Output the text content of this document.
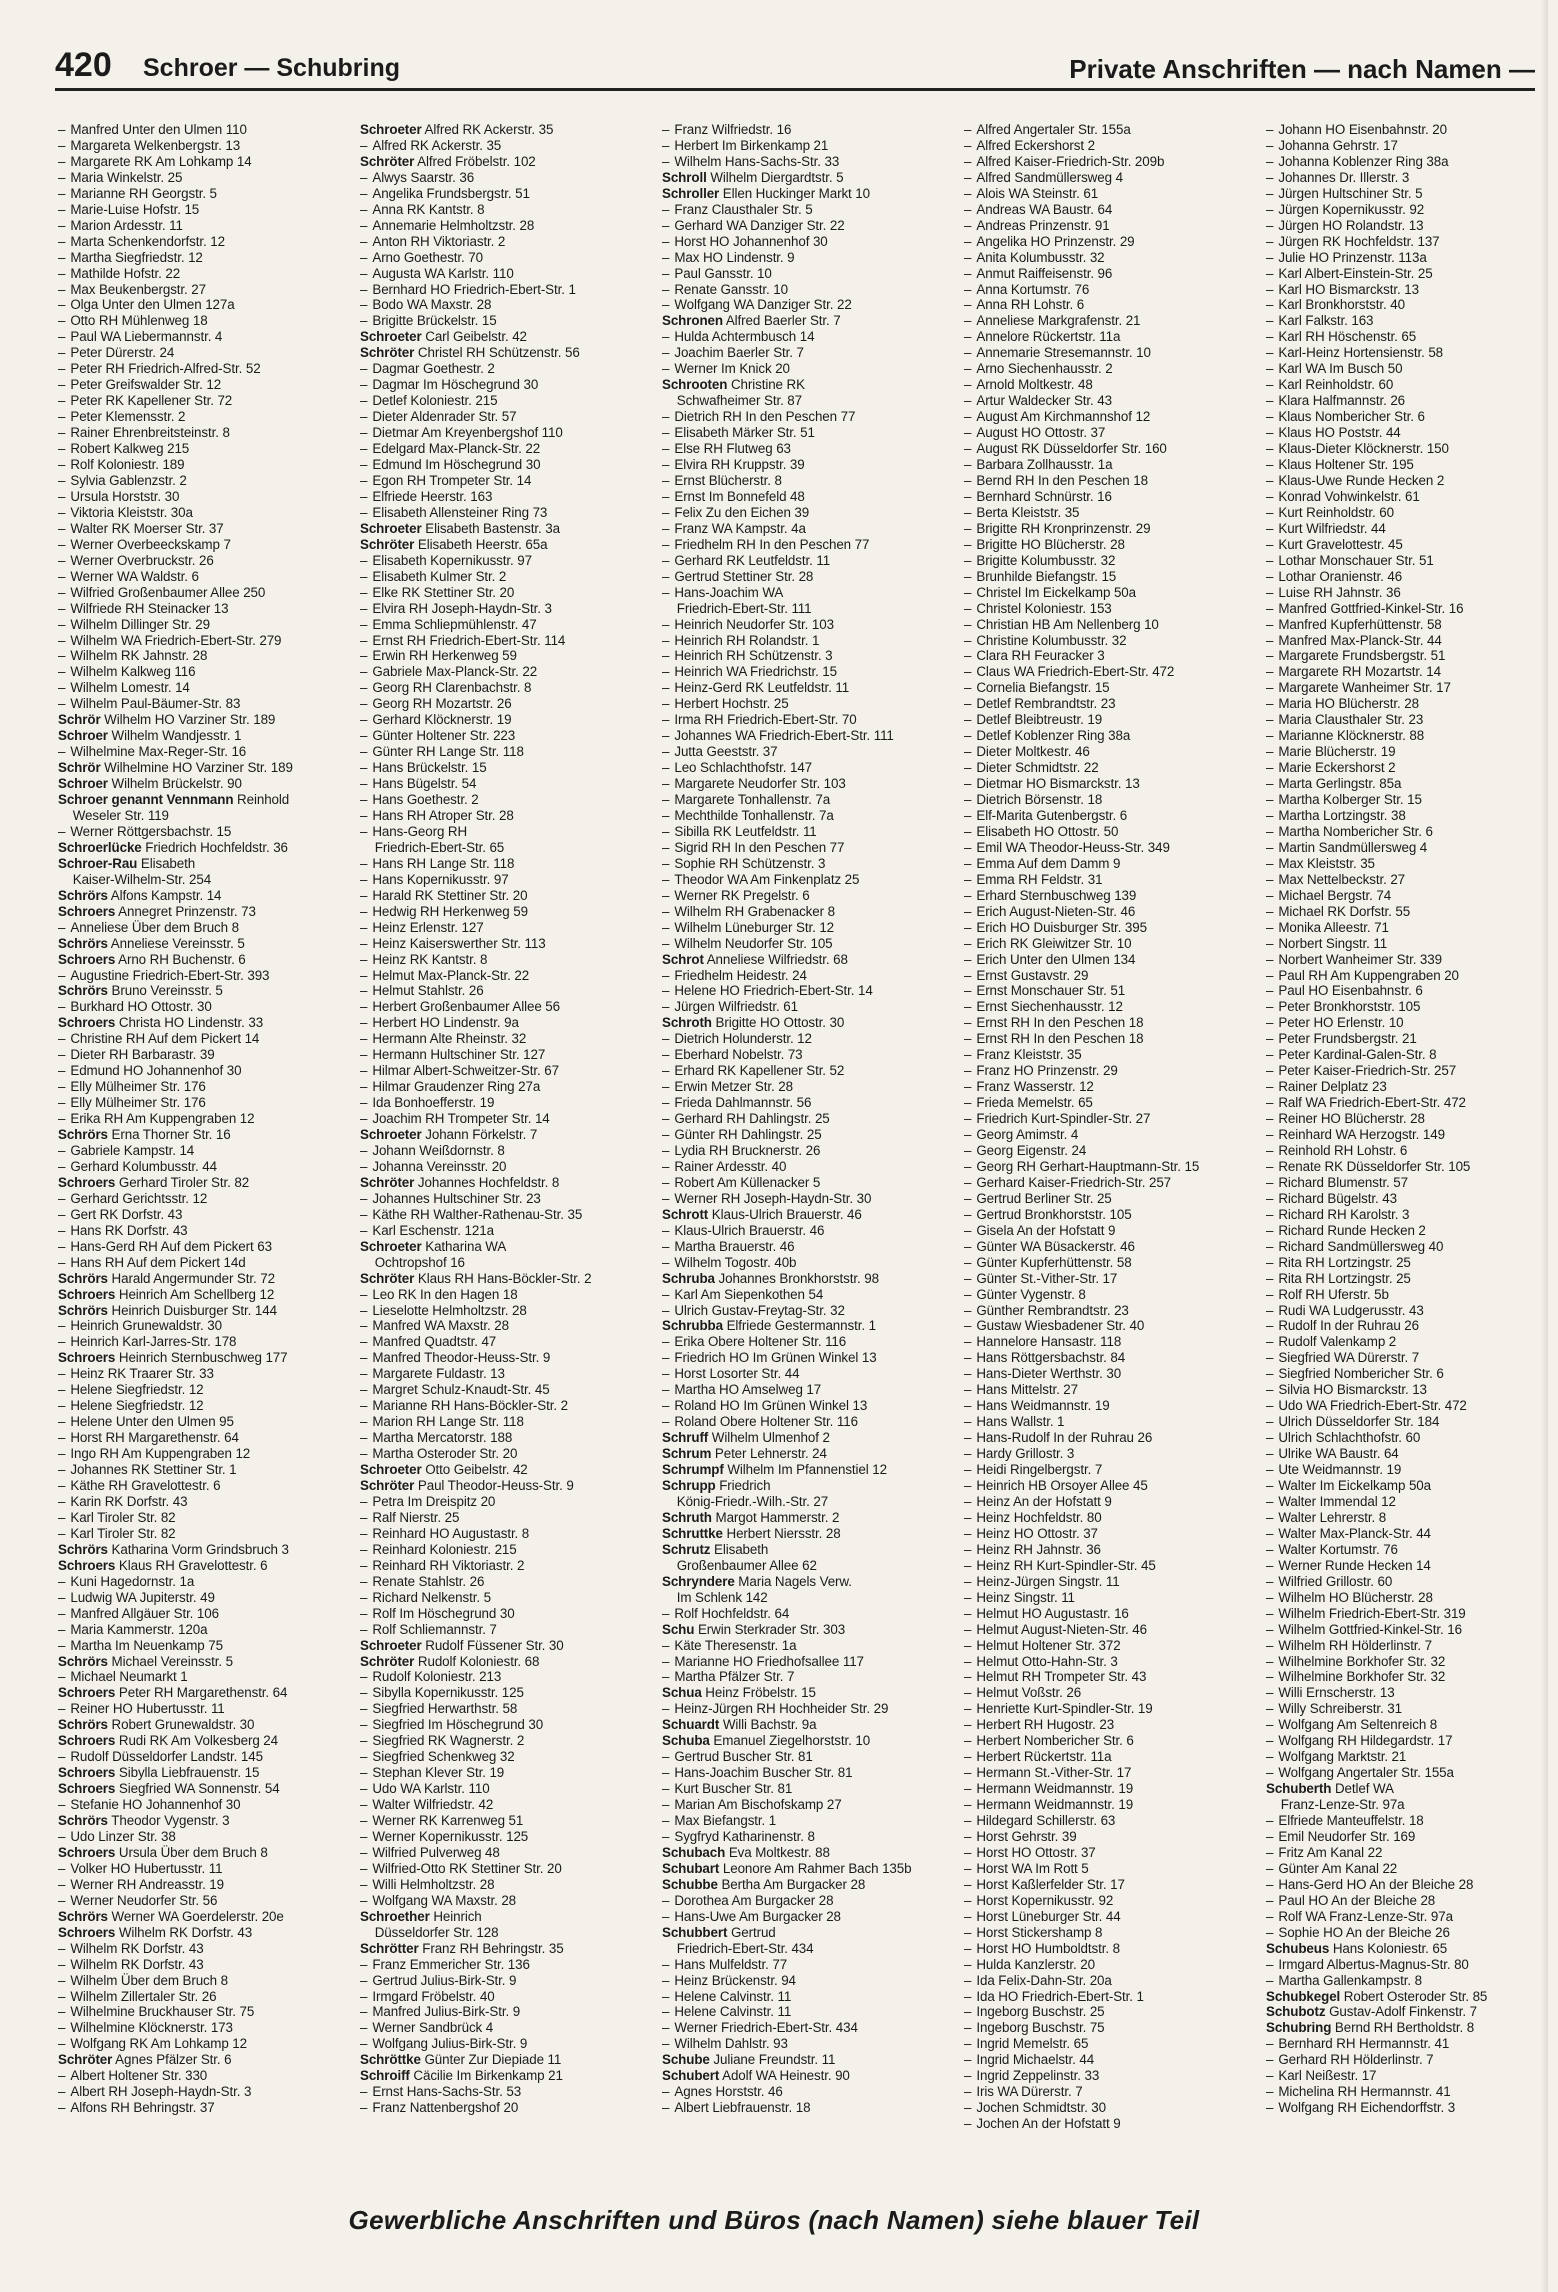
420 Schroer — Schubring	Private Anschriften — nach Namen —
– Manfred Unter den Ulmen 110
– Margareta Welkenbergstr. 13
– Margarete RK Am Lohkamp 14
– Maria Winkelstr. 25
– Marianne RH Georgstr. 5
– Marie-Luise Hofstr. 15
– Marion Ardesstr. 11
– Marta Schenkendorfstr. 12
– Martha Siegfriedstr. 12
– Mathilde Hofstr. 22
– Max Beukenbergstr. 27
– Olga Unter den Ulmen 127a
– Otto RH Mühlenweg 18
– Paul WA Liebermannstr. 4
– Peter Dürerstr. 24
– Peter RH Friedrich-Alfred-Str. 52
– Peter Greifswalder Str. 12
– Peter RK Kapellener Str. 72
– Peter Klemensstr. 2
– Rainer Ehrenbreitsteinstr. 8
– Robert Kalkweg 215
– Rolf Koloniestr. 189
– Sylvia Gablenzstr. 2
– Ursula Horststr. 30
– Viktoria Kleiststr. 30a
– Walter RK Moerser Str. 37
– Werner Overbeeckskamp 7
– Werner Overbruckstr. 26
– Werner WA Waldstr. 6
– Wilfried Großenbaumer Allee 250
– Wilfriede RH Steinacker 13
– Wilhelm Dillinger Str. 29
– Wilhelm WA Friedrich-Ebert-Str. 279
– Wilhelm RK Jahnstr. 28
– Wilhelm Kalkweg 116
– Wilhelm Lomestr. 14
– Wilhelm Paul-Bäumer-Str. 83
Schrör Wilhelm HO Varziner Str. 189
Schroer Wilhelm Wandjesstr. 1
– Wilhelmine Max-Reger-Str. 16
Schrör Wilhelmine HO Varziner Str. 189
Schroer Wilhelm Brückelstr. 90
Schroer genannt Vennmann Reinhold
Weseler Str. 119
– Werner Röttgersbachstr. 15
Schroerlücke Friedrich Hochfeldstr. 36
Schroer-Rau Elisabeth
Kaiser-Wilhelm-Str. 254
Schrörs Alfons Kampstr. 14
Schroers Annegret Prinzenstr. 73
– Anneliese Über dem Bruch 8
Schrörs Anneliese Vereinsstr. 5
Schroers Arno RH Buchenstr. 6
– Augustine Friedrich-Ebert-Str. 393
Schrörs Bruno Vereinsstr. 5
– Burkhard HO Ottostr. 30
Schroers Christa HO Lindenstr. 33
– Christine RH Auf dem Pickert 14
– Dieter RH Barbarastr. 39
– Edmund HO Johannenhof 30
– Elly Mülheimer Str. 176
– Elly Mülheimer Str. 176
– Erika RH Am Kuppengraben 12
Schrörs Erna Thorner Str. 16
– Gabriele Kampstr. 14
– Gerhard Kolumbusstr. 44
Schroers Gerhard Tiroler Str. 82
– Gerhard Gerichtsstr. 12
– Gert RK Dorfstr. 43
– Hans RK Dorfstr. 43
– Hans-Gerd RH Auf dem Pickert 63
– Hans RH Auf dem Pickert 14d
Schrörs Harald Angermunder Str. 72
Schroers Heinrich Am Schellberg 12
Schrörs Heinrich Duisburger Str. 144
– Heinrich Grunewaldstr. 30
– Heinrich Karl-Jarres-Str. 178
Schroers Heinrich Sternbuschweg 177
– Heinz RK Traarer Str. 33
– Helene Siegfriedstr. 12
– Helene Siegfriedstr. 12
– Helene Unter den Ulmen 95
– Horst RH Margarethenstr. 64
– Ingo RH Am Kuppengraben 12
– Johannes RK Stettiner Str. 1
– Käthe RH Gravelottestr. 6
– Karin RK Dorfstr. 43
– Karl Tiroler Str. 82
– Karl Tiroler Str. 82
Schrörs Katharina Vorm Grindsbruch 3
Schroers Klaus RH Gravelottestr. 6
– Kuni Hagedornstr. 1a
– Ludwig WA Jupiterstr. 49
– Manfred Allgäuer Str. 106
– Maria Kammerstr. 120a
– Martha Im Neuenkamp 75
Schrörs Michael Vereinsstr. 5
– Michael Neumarkt 1
Schroers Peter RH Margarethenstr. 64
– Reiner HO Hubertusstr. 11
Schrörs Robert Grunewaldstr. 30
Schroers Rudi RK Am Volkesberg 24
– Rudolf Düsseldorfer Landstr. 145
Schroers Sibylla Liebfrauenstr. 15
Schroers Siegfried WA Sonnenstr. 54
– Stefanie HO Johannenhof 30
Schrörs Theodor Vygenstr. 3
– Udo Linzer Str. 38
Schroers Ursula Über dem Bruch 8
– Volker HO Hubertusstr. 11
– Werner RH Andreasstr. 19
– Werner Neudorfer Str. 56
Schrörs Werner WA Goerdelerstr. 20e
Schroers Wilhelm RK Dorfstr. 43
– Wilhelm RK Dorfstr. 43
– Wilhelm RK Dorfstr. 43
– Wilhelm Über dem Bruch 8
– Wilhelm Zillertaler Str. 26
– Wilhelmine Bruckhauser Str. 75
– Wilhelmine Klöcknerstr. 173
– Wolfgang RK Am Lohkamp 12
Schröter Agnes Pfälzer Str. 6
– Albert Holtener Str. 330
– Albert RH Joseph-Haydn-Str. 3
– Alfons RH Behringstr. 37
Schroeter Alfred RK Ackerstr. 35
– Alfred RK Ackerstr. 35
Schröter Alfred Fröbelstr. 102
– Alwys Saarstr. 36
– Angelika Frundsbergstr. 51
– Anna RK Kantstr. 8
– Annemarie Helmholtzstr. 28
– Anton RH Viktoriastr. 2
– Arno Goethestr. 70
– Augusta WA Karlstr. 110
– Bernhard HO Friedrich-Ebert-Str. 1
– Bodo WA Maxstr. 28
– Brigitte Brückelstr. 15
Schroeter Carl Geibelstr. 42
Schröter Christel RH Schützenstr. 56
– Dagmar Goethestr. 2
– Dagmar Im Höschegrund 30
– Detlef Koloniestr. 215
– Dieter Aldenrader Str. 57
– Dietmar Am Kreyenbergshof 110
– Edelgard Max-Planck-Str. 22
– Edmund Im Höschegrund 30
– Egon RH Trompeter Str. 14
– Elfriede Heerstr. 163
– Elisabeth Allensteiner Ring 73
Schroeter Elisabeth Bastenstr. 3a
Schröter Elisabeth Heerstr. 65a
– Elisabeth Kopernikusstr. 97
– Elisabeth Kulmer Str. 2
– Elke RK Stettiner Str. 20
– Elvira RH Joseph-Haydn-Str. 3
– Emma Schliepmühlenstr. 47
– Ernst RH Friedrich-Ebert-Str. 114
– Erwin RH Herkenweg 59
– Gabriele Max-Planck-Str. 22
– Georg RH Clarenbachstr. 8
– Georg RH Mozartstr. 26
– Gerhard Klöcknerstr. 19
– Günter Holtener Str. 223
– Günter RH Lange Str. 118
– Hans Brückelstr. 15
– Hans Bügelstr. 54
– Hans Goethestr. 2
– Hans RH Atroper Str. 28
– Hans-Georg RH
Friedrich-Ebert-Str. 65
– Hans RH Lange Str. 118
– Hans Kopernikusstr. 97
– Harald RK Stettiner Str. 20
– Hedwig RH Herkenweg 59
– Heinz Erlenstr. 127
– Heinz Kaiserswerther Str. 113
– Heinz RK Kantstr. 8
– Helmut Max-Planck-Str. 22
– Helmut Stahlstr. 26
– Herbert Großenbaumer Allee 56
– Herbert HO Lindenstr. 9a
– Hermann Alte Rheinstr. 32
– Hermann Hultschiner Str. 127
– Hilmar Albert-Schweitzer-Str. 67
– Hilmar Graudenzer Ring 27a
– Ida Bonhoefferstr. 19
– Joachim RH Trompeter Str. 14
Schroeter Johann Förkelstr. 7
– Johann Weißdornstr. 8
– Johanna Vereinsstr. 20
Schröter Johannes Hochfeldstr. 8
– Johannes Hultschiner Str. 23
– Käthe RH Walther-Rathenau-Str. 35
– Karl Eschenstr. 121a
Schroeter Katharina WA
Ochtropshof 16
Schröter Klaus RH Hans-Böckler-Str. 2
– Leo RK In den Hagen 18
– Lieselotte Helmholtzstr. 28
– Manfred WA Maxstr. 28
– Manfred Quadtstr. 47
– Manfred Theodor-Heuss-Str. 9
– Margarete Fuldastr. 13
– Margret Schulz-Knaudt-Str. 45
– Marianne RH Hans-Böckler-Str. 2
– Marion RH Lange Str. 118
– Martha Mercatorstr. 188
– Martha Osteroder Str. 20
Schroeter Otto Geibelstr. 42
Schröter Paul Theodor-Heuss-Str. 9
– Petra Im Dreispitz 20
– Ralf Nierstr. 25
– Reinhard HO Augustastr. 8
– Reinhard Koloniestr. 215
– Reinhard RH Viktoriastr. 2
– Renate Stahlstr. 26
– Richard Nelkenstr. 5
– Rolf Im Höschegrund 30
– Rolf Schliemannstr. 7
Schroeter Rudolf Füssener Str. 30
Schröter Rudolf Koloniestr. 68
– Rudolf Koloniestr. 213
– Sibylla Kopernikusstr. 125
– Siegfried Herwarthstr. 58
– Siegfried Im Höschegrund 30
– Siegfried RK Wagnerstr. 2
– Siegfried Schenkweg 32
– Stephan Klever Str. 19
– Udo WA Karlstr. 110
– Walter Wilfriedstr. 42
– Werner RK Karrenweg 51
– Werner Kopernikusstr. 125
– Wilfried Pulverweg 48
– Wilfried-Otto RK Stettiner Str. 20
– Willi Helmholtzstr. 28
– Wolfgang WA Maxstr. 28
Schroether Heinrich
Düsseldorfer Str. 128
Schrötter Franz RH Behringstr. 35
– Franz Emmericher Str. 136
– Gertrud Julius-Birk-Str. 9
– Irmgard Fröbelstr. 40
– Manfred Julius-Birk-Str. 9
– Werner Sandbrück 4
– Wolfgang Julius-Birk-Str. 9
Schröttke Günter Zur Diepiade 11
Schroiff Cäcilie Im Birkenkamp 21
– Ernst Hans-Sachs-Str. 53
– Franz Nattenbergshof 20
– Franz Wilfriedstr. 16
– Herbert Im Birkenkamp 21
– Wilhelm Hans-Sachs-Str. 33
Schroll Wilhelm Diergardtstr. 5
Schroller Ellen Huckinger Markt 10
– Franz Clausthaler Str. 5
– Gerhard WA Danziger Str. 22
– Horst HO Johannenhof 30
– Max HO Lindenstr. 9
– Paul Gansstr. 10
– Renate Gansstr. 10
– Wolfgang WA Danziger Str. 22
Schronen Alfred Baerler Str. 7
– Hulda Achtermbusch 14
– Joachim Baerler Str. 7
– Werner Im Knick 20
Schrooten Christine RK
Schwafheimer Str. 87
– Dietrich RH In den Peschen 77
– Elisabeth Märker Str. 51
– Else RH Flutweg 63
– Elvira RH Kruppstr. 39
– Ernst Blücherstr. 8
– Ernst Im Bonnefeld 48
– Felix Zu den Eichen 39
– Franz WA Kampstr. 4a
– Friedhelm RH In den Peschen 77
– Gerhard RK Leutfeldstr. 11
– Gertrud Stettiner Str. 28
– Hans-Joachim WA
Friedrich-Ebert-Str. 111
– Heinrich Neudorfer Str. 103
– Heinrich RH Rolandstr. 1
– Heinrich RH Schützenstr. 3
– Heinrich WA Friedrichstr. 15
– Heinz-Gerd RK Leutfeldstr. 11
– Herbert Hochstr. 25
– Irma RH Friedrich-Ebert-Str. 70
– Johannes WA Friedrich-Ebert-Str. 111
– Jutta Geeststr. 37
– Leo Schlachthofstr. 147
– Margarete Neudorfer Str. 103
– Margarete Tonhallenstr. 7a
– Mechthilde Tonhallenstr. 7a
– Sibilla RK Leutfeldstr. 11
– Sigrid RH In den Peschen 77
– Sophie RH Schützenstr. 3
– Theodor WA Am Finkenplatz 25
– Werner RK Pregelstr. 6
– Wilhelm RH Grabenacker 8
– Wilhelm Lüneburger Str. 12
– Wilhelm Neudorfer Str. 105
Schrot Anneliese Wilfriedstr. 68
– Friedhelm Heidestr. 24
– Helene HO Friedrich-Ebert-Str. 14
– Jürgen Wilfriedstr. 61
Schroth Brigitte HO Ottostr. 30
– Dietrich Holunderstr. 12
– Eberhard Nobelstr. 73
– Erhard RK Kapellener Str. 52
– Erwin Metzer Str. 28
– Frieda Dahlmannstr. 56
– Gerhard RH Dahlingstr. 25
– Günter RH Dahlingstr. 25
– Lydia RH Brucknerstr. 26
– Rainer Ardesstr. 40
– Robert Am Küllenacker 5
– Werner RH Joseph-Haydn-Str. 30
Schrott Klaus-Ulrich Brauerstr. 46
– Klaus-Ulrich Brauerstr. 46
– Martha Brauerstr. 46
– Wilhelm Togostr. 40b
Schruba Johannes Bronkhorststr. 98
– Karl Am Siepenkothen 54
– Ulrich Gustav-Freytag-Str. 32
Schrubba Elfriede Gestermannstr. 1
– Erika Obere Holtener Str. 116
– Friedrich HO Im Grünen Winkel 13
– Horst Losorter Str. 44
– Martha HO Amselweg 17
– Roland HO Im Grünen Winkel 13
– Roland Obere Holtener Str. 116
Schruff Wilhelm Ulmenhof 2
Schrum Peter Lehnerstr. 24
Schrumpf Wilhelm Im Pfannenstiel 12
Schrupp Friedrich
König-Friedr.-Wilh.-Str. 27
Schruth Margot Hammerstr. 2
Schruttke Herbert Niersstr. 28
Schrutz Elisabeth
Großenbaumer Allee 62
Schryndere Maria Nagels Verw.
Im Schlenk 142
– Rolf Hochfeldstr. 64
Schu Erwin Sterkrader Str. 303
– Käte Theresenstr. 1a
– Marianne HO Friedhofsallee 117
– Martha Pfälzer Str. 7
Schua Heinz Fröbelstr. 15
– Heinz-Jürgen RH Hochheider Str. 29
Schuardt Willi Bachstr. 9a
Schuba Emanuel Ziegelhorststr. 10
– Gertrud Buscher Str. 81
– Hans-Joachim Buscher Str. 81
– Kurt Buscher Str. 81
– Marian Am Bischofskamp 27
– Max Biefangstr. 1
– Sygfryd Katharinenstr. 8
Schubach Eva Moltkestr. 88
Schubart Leonore Am Rahmer Bach 135b
Schubbe Bertha Am Burgacker 28
– Dorothea Am Burgacker 28
– Hans-Uwe Am Burgacker 28
Schubbert Gertrud
Friedrich-Ebert-Str. 434
– Hans Mulfeldstr. 77
– Heinz Brückenstr. 94
– Helene Calvinstr. 11
– Helene Calvinstr. 11
– Werner Friedrich-Ebert-Str. 434
– Wilhelm Dahlstr. 93
Schube Juliane Freundstr. 11
Schubert Adolf WA Heinestr. 90
– Agnes Horststr. 46
– Albert Liebfrauenstr. 18
– Alfred Angertaler Str. 155a
– Alfred Eckershorst 2
– Alfred Kaiser-Friedrich-Str. 209b
– Alfred Sandmüllersweg 4
– Alois WA Steinstr. 61
– Andreas WA Baustr. 64
– Andreas Prinzenstr. 91
– Angelika HO Prinzenstr. 29
– Anita Kolumbusstr. 32
– Anmut Raiffeisenstr. 96
– Anna Kortumstr. 76
– Anna RH Lohstr. 6
– Anneliese Markgrafenstr. 21
– Annelore Rückertstr. 11a
– Annemarie Stresemannstr. 10
– Arno Siechenhausstr. 2
– Arnold Moltkestr. 48
– Artur Waldecker Str. 43
– August Am Kirchmannshof 12
– August HO Ottostr. 37
– August RK Düsseldorfer Str. 160
– Barbara Zollhausstr. 1a
– Bernd RH In den Peschen 18
– Bernhard Schnürstr. 16
– Berta Kleiststr. 35
– Brigitte RH Kronprinzenstr. 29
– Brigitte HO Blücherstr. 28
– Brigitte Kolumbusstr. 32
– Brunhilde Biefangstr. 15
– Christel Im Eickelkamp 50a
– Christel Koloniestr. 153
– Christian HB Am Nellenberg 10
– Christine Kolumbusstr. 32
– Clara RH Feuracker 3
– Claus WA Friedrich-Ebert-Str. 472
– Cornelia Biefangstr. 15
– Detlef Rembrandtstr. 23
– Detlef Bleibtreustr. 19
– Detlef Koblenzer Ring 38a
– Dieter Moltkestr. 46
– Dieter Schmidtstr. 22
– Dietmar HO Bismarckstr. 13
– Dietrich Börsenstr. 18
– Elf-Marita Gutenbergstr. 6
– Elisabeth HO Ottostr. 50
– Emil WA Theodor-Heuss-Str. 349
– Emma Auf dem Damm 9
– Emma RH Feldstr. 31
– Erhard Sternbuschweg 139
– Erich August-Nieten-Str. 46
– Erich HO Duisburger Str. 395
– Erich RK Gleiwitzer Str. 10
– Erich Unter den Ulmen 134
– Ernst Gustavstr. 29
– Ernst Monschauer Str. 51
– Ernst Siechenhausstr. 12
– Ernst RH In den Peschen 18
– Ernst RH In den Peschen 18
– Franz Kleiststr. 35
– Franz HO Prinzenstr. 29
– Franz Wasserstr. 12
– Frieda Memelstr. 65
– Friedrich Kurt-Spindler-Str. 27
– Georg Amimstr. 4
– Georg Eigenstr. 24
– Georg RH Gerhart-Hauptmann-Str. 15
– Gerhard Kaiser-Friedrich-Str. 257
– Gertrud Berliner Str. 25
– Gertrud Bronkhorststr. 105
– Gisela An der Hofstatt 9
– Günter WA Büsackerstr. 46
– Günter Kupferhüttenstr. 58
– Günter St.-Vither-Str. 17
– Günter Vygenstr. 8
– Günther Rembrandtstr. 23
– Gustaw Wiesbadener Str. 40
– Hannelore Hansastr. 118
– Hans Röttgersbachstr. 84
– Hans-Dieter Werthstr. 30
– Hans Mittelstr. 27
– Hans Weidmannstr. 19
– Hans Wallstr. 1
– Hans-Rudolf In der Ruhrau 26
– Hardy Grillostr. 3
– Heidi Ringelbergstr. 7
– Heinrich HB Orsoyer Allee 45
– Heinz An der Hofstatt 9
– Heinz Hochfeldstr. 80
– Heinz HO Ottostr. 37
– Heinz RH Jahnstr. 36
– Heinz RH Kurt-Spindler-Str. 45
– Heinz-Jürgen Singstr. 11
– Heinz Singstr. 11
– Helmut HO Augustastr. 16
– Helmut August-Nieten-Str. 46
– Helmut Holtener Str. 372
– Helmut Otto-Hahn-Str. 3
– Helmut RH Trompeter Str. 43
– Helmut Voßstr. 26
– Henriette Kurt-Spindler-Str. 19
– Herbert RH Hugostr. 23
– Herbert Nombericher Str. 6
– Herbert Rückertstr. 11a
– Hermann St.-Vither-Str. 17
– Hermann Weidmannstr. 19
– Hermann Weidmannstr. 19
– Hildegard Schillerstr. 63
– Horst Gehrstr. 39
– Horst HO Ottostr. 37
– Horst WA Im Rott 5
– Horst Kaßlerfelder Str. 17
– Horst Kopernikusstr. 92
– Horst Lüneburger Str. 44
– Horst Stickershamp 8
– Horst HO Humboldtstr. 8
– Hulda Kanzlerstr. 20
– Ida Felix-Dahn-Str. 20a
– Ida HO Friedrich-Ebert-Str. 1
– Ingeborg Buschstr. 25
– Ingeborg Buschstr. 75
– Ingrid Memelstr. 65
– Ingrid Michaelstr. 44
– Ingrid Zeppelinstr. 33
– Iris WA Dürerstr. 7
– Jochen Schmidtstr. 30
– Jochen An der Hofstatt 9
– Johann HO Eisenbahnstr. 20
– Johanna Gehrstr. 17
– Johanna Koblenzer Ring 38a
– Johannes Dr. Illerstr. 3
– Jürgen Hultschiner Str. 5
– Jürgen Kopernikusstr. 92
– Jürgen HO Rolandstr. 13
– Jürgen RK Hochfeldstr. 137
– Julie HO Prinzenstr. 113a
– Karl Albert-Einstein-Str. 25
– Karl HO Bismarckstr. 13
– Karl Bronkhorststr. 40
– Karl Falkstr. 163
– Karl RH Höschenstr. 65
– Karl-Heinz Hortensienstr. 58
– Karl WA Im Busch 50
– Karl Reinholdstr. 60
– Klara Halfmannstr. 26
– Klaus Nombericher Str. 6
– Klaus HO Poststr. 44
– Klaus-Dieter Klöcknerstr. 150
– Klaus Holtener Str. 195
– Klaus-Uwe Runde Hecken 2
– Konrad Vohwinkelstr. 61
– Kurt Reinholdstr. 60
– Kurt Wilfriedstr. 44
– Kurt Gravelottestr. 45
– Lothar Monschauer Str. 51
– Lothar Oranienstr. 46
– Luise RH Jahnstr. 36
– Manfred Gottfried-Kinkel-Str. 16
– Manfred Kupferhüttenstr. 58
– Manfred Max-Planck-Str. 44
– Margarete Frundsbergstr. 51
– Margarete RH Mozartstr. 14
– Margarete Wanheimer Str. 17
– Maria HO Blücherstr. 28
– Maria Clausthaler Str. 23
– Marianne Klöcknerstr. 88
– Marie Blücherstr. 19
– Marie Eckershorst 2
– Marta Gerlingstr. 85a
– Martha Kolberger Str. 15
– Martha Lortzingstr. 38
– Martha Nombericher Str. 6
– Martin Sandmüllersweg 4
– Max Kleiststr. 35
– Max Nettelbeckstr. 27
– Michael Bergstr. 74
– Michael RK Dorfstr. 55
– Monika Alleestr. 71
– Norbert Singstr. 11
– Norbert Wanheimer Str. 339
– Paul RH Am Kuppengraben 20
– Paul HO Eisenbahnstr. 6
– Peter Bronkhorststr. 105
– Peter HO Erlenstr. 10
– Peter Frundsbergstr. 21
– Peter Kardinal-Galen-Str. 8
– Peter Kaiser-Friedrich-Str. 257
– Rainer Delplatz 23
– Ralf WA Friedrich-Ebert-Str. 472
– Reiner HO Blücherstr. 28
– Reinhard WA Herzogstr. 149
– Reinhold RH Lohstr. 6
– Renate RK Düsseldorfer Str. 105
– Richard Blumenstr. 57
– Richard Bügelstr. 43
– Richard RH Karolstr. 3
– Richard Runde Hecken 2
– Richard Sandmüllersweg 40
– Rita RH Lortzingstr. 25
– Rita RH Lortzingstr. 25
– Rolf RH Uferstr. 5b
– Rudi WA Ludgerusstr. 43
– Rudolf In der Ruhrau 26
– Rudolf Valenkamp 2
– Siegfried WA Dürerstr. 7
– Siegfried Nombericher Str. 6
– Silvia HO Bismarckstr. 13
– Udo WA Friedrich-Ebert-Str. 472
– Ulrich Düsseldorfer Str. 184
– Ulrich Schlachthofstr. 60
– Ulrike WA Baustr. 64
– Ute Weidmannstr. 19
– Walter Im Eickelkamp 50a
– Walter Immendal 12
– Walter Lehrerstr. 8
– Walter Max-Planck-Str. 44
– Walter Kortumstr. 76
– Werner Runde Hecken 14
– Wilfried Grillostr. 60
– Wilhelm HO Blücherstr. 28
– Wilhelm Friedrich-Ebert-Str. 319
– Wilhelm Gottfried-Kinkel-Str. 16
– Wilhelm RH Hölderlinstr. 7
– Wilhelmine Borkhofer Str. 32
– Wilhelmine Borkhofer Str. 32
– Willi Ernscherstr. 13
– Willy Schreiberstr. 31
– Wolfgang Am Seltenreich 8
– Wolfgang RH Hildegardstr. 17
– Wolfgang Marktstr. 21
– Wolfgang Angertaler Str. 155a
Schuberth Detlef WA
Franz-Lenze-Str. 97a
– Elfriede Manteuffelstr. 18
– Emil Neudorfer Str. 169
– Fritz Am Kanal 22
– Günter Am Kanal 22
– Hans-Gerd HO An der Bleiche 28
– Paul HO An der Bleiche 28
– Rolf WA Franz-Lenze-Str. 97a
– Sophie HO An der Bleiche 26
Schubeus Hans Koloniestr. 65
– Irmgard Albertus-Magnus-Str. 80
– Martha Gallenkampstr. 8
Schubkegel Robert Osteroder Str. 85
Schubotz Gustav-Adolf Finkenstr. 7
Schubring Bernd RH Bertholdstr. 8
– Bernhard RH Hermannstr. 41
– Gerhard RH Hölderlinstr. 7
– Karl Neißestr. 17
– Michelina RH Hermannstr. 41
– Wolfgang RH Eichendorffstr. 3
Gewerbliche Anschriften und Büros (nach Namen) siehe blauer Teil
